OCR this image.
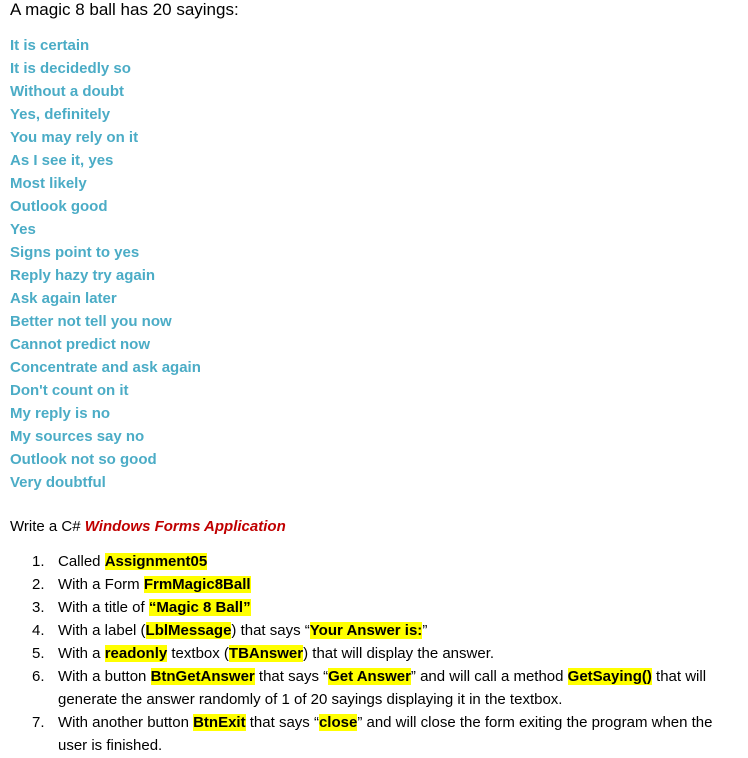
A magic 8 ball has 20 sayings:
It is certain
It is decidedly so
Without a doubt
Yes, definitely
You may rely on it
As I see it, yes
Most likely
Outlook good
Yes
Signs point to yes
Reply hazy try again
Ask again later
Better not tell you now
Cannot predict now
Concentrate and ask again
Don't count on it
My reply is no
My sources say no
Outlook not so good
Very doubtful
Write a C# Windows Forms Application
1. Called Assignment05
2. With a Form FrmMagic8Ball
3. With a title of “Magic 8 Ball”
4. With a label (LblMessage) that says “Your Answer is:”
5. With a readonly textbox (TBAnswer) that will display the answer.
6. With a button BtnGetAnswer that says “Get Answer” and will call a method GetSaying() that will generate the answer randomly of 1 of 20 sayings displaying it in the textbox.
7. With another button BtnExit that says “close” and will close the form exiting the program when the user is finished.
